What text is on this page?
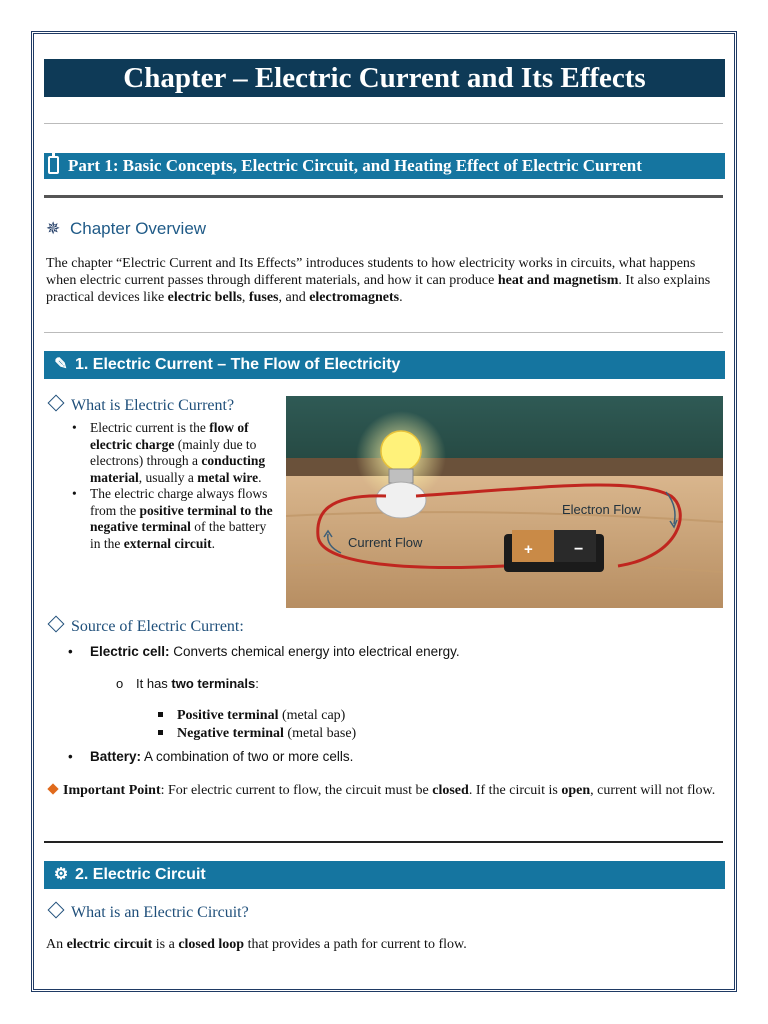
Chapter – Electric Current and Its Effects
Part 1: Basic Concepts, Electric Circuit, and Heating Effect of Electric Current
✵ Chapter Overview
The chapter “Electric Current and Its Effects” introduces students to how electricity works in circuits, what happens when electric current passes through different materials, and how it can produce heat and magnetism. It also explains practical devices like electric bells, fuses, and electromagnets.
✎ 1. Electric Current – The Flow of Electricity
What is Electric Current?
• Electric current is the flow of electric charge (mainly due to electrons) through a conducting material, usually a metal wire.
• The electric charge always flows from the positive terminal to the negative terminal of the battery in the external circuit.	+	−
Electron Flow
Current Flow
Source of Electric Current:
• Electric cell: Converts chemical energy into electrical energy.
o It has two terminals:
Positive terminal (metal cap)
Negative terminal (metal base)
• Battery: A combination of two or more cells.
Important Point: For electric current to flow, the circuit must be closed. If the circuit is open, current will not flow.
⚙ 2. Electric Circuit
What is an Electric Circuit?
An electric circuit is a closed loop that provides a path for current to flow.
